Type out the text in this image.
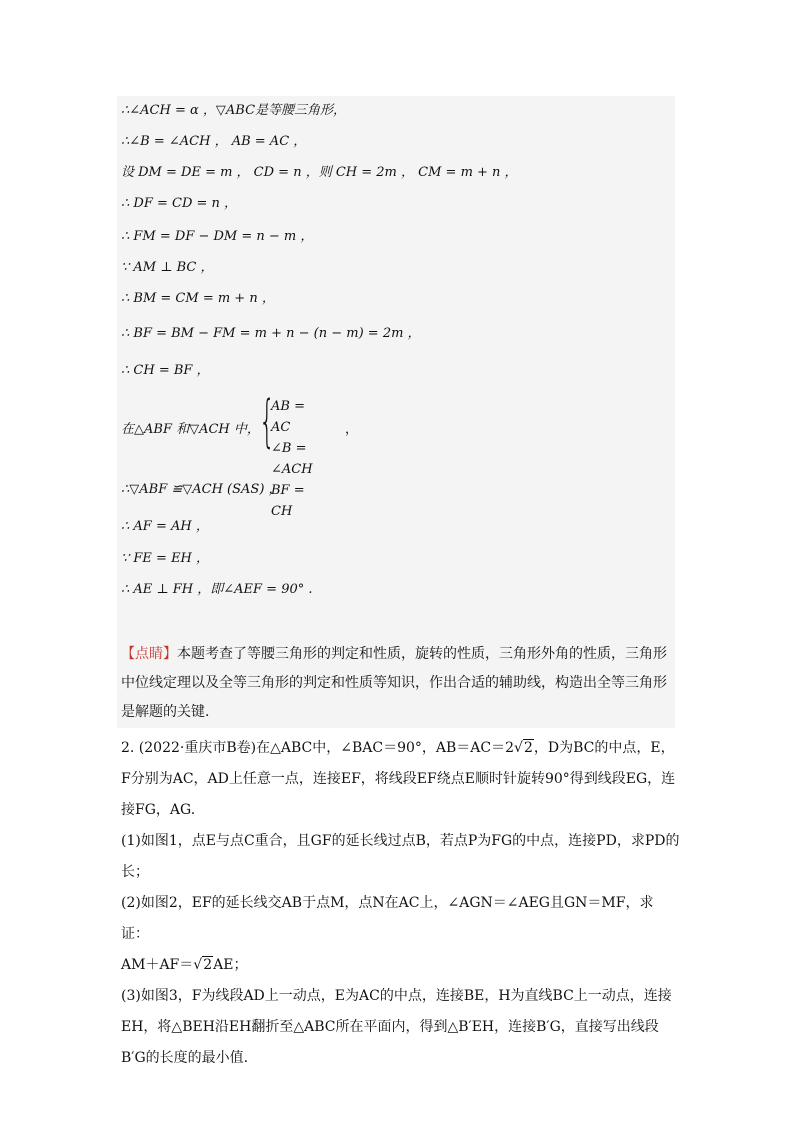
∴∠ACH = α ，▽ABC是等腰三角形，
∴∠B = ∠ACH ， AB = AC ，
设 DM = DE = m ， CD = n ，则 CH = 2m ， CM = m + n ，
∴ DF = CD = n ，
∴ FM = DF − DM = n − m ，
∵ AM ⊥ BC ，
∴ BM = CM = m + n ，
∴ BF = BM − FM = m + n − (n − m) = 2m ，
∴ CH = BF ，
在△ABF 和▽ACH 中， {
AB = AC
∠B = ∠ACH
BF = CH
，
∴▽ABF ≌▽ACH (SAS) ，
∴ AF = AH ，
∵ FE = EH ，
∴ AE ⊥ FH ，即∠AEF = 90° .
【点睛】本题考查了等腰三角形的判定和性质，旋转的性质，三角形外角的性质，三角形中位线定理以及全等三角形的判定和性质等知识，作出合适的辅助线，构造出全等三角形是解题的关键.

2. (2022·重庆市B卷)在△ABC中，∠BAC＝90°，AB＝AC＝2√2，D为BC的中点，E，F分别为AC，AD上任意一点，连接EF，将线段EF绕点E顺时针旋转90°得到线段EG，连接FG，AG.

(1)如图1，点E与点C重合，且GF的延长线过点B，若点P为FG的中点，连接PD，求PD的长；

(2)如图2，EF的延长线交AB于点M，点N在AC上，∠AGN＝∠AEG且GN＝MF，求证：
AM＋AF＝√2AE；

(3)如图3，F为线段AD上一动点，E为AC的中点，连接BE，H为直线BC上一动点，连接EH，将△BEH沿EH翻折至△ABC所在平面内，得到△B′EH，连接B′G，直接写出线段B′G的长度的最小值.
